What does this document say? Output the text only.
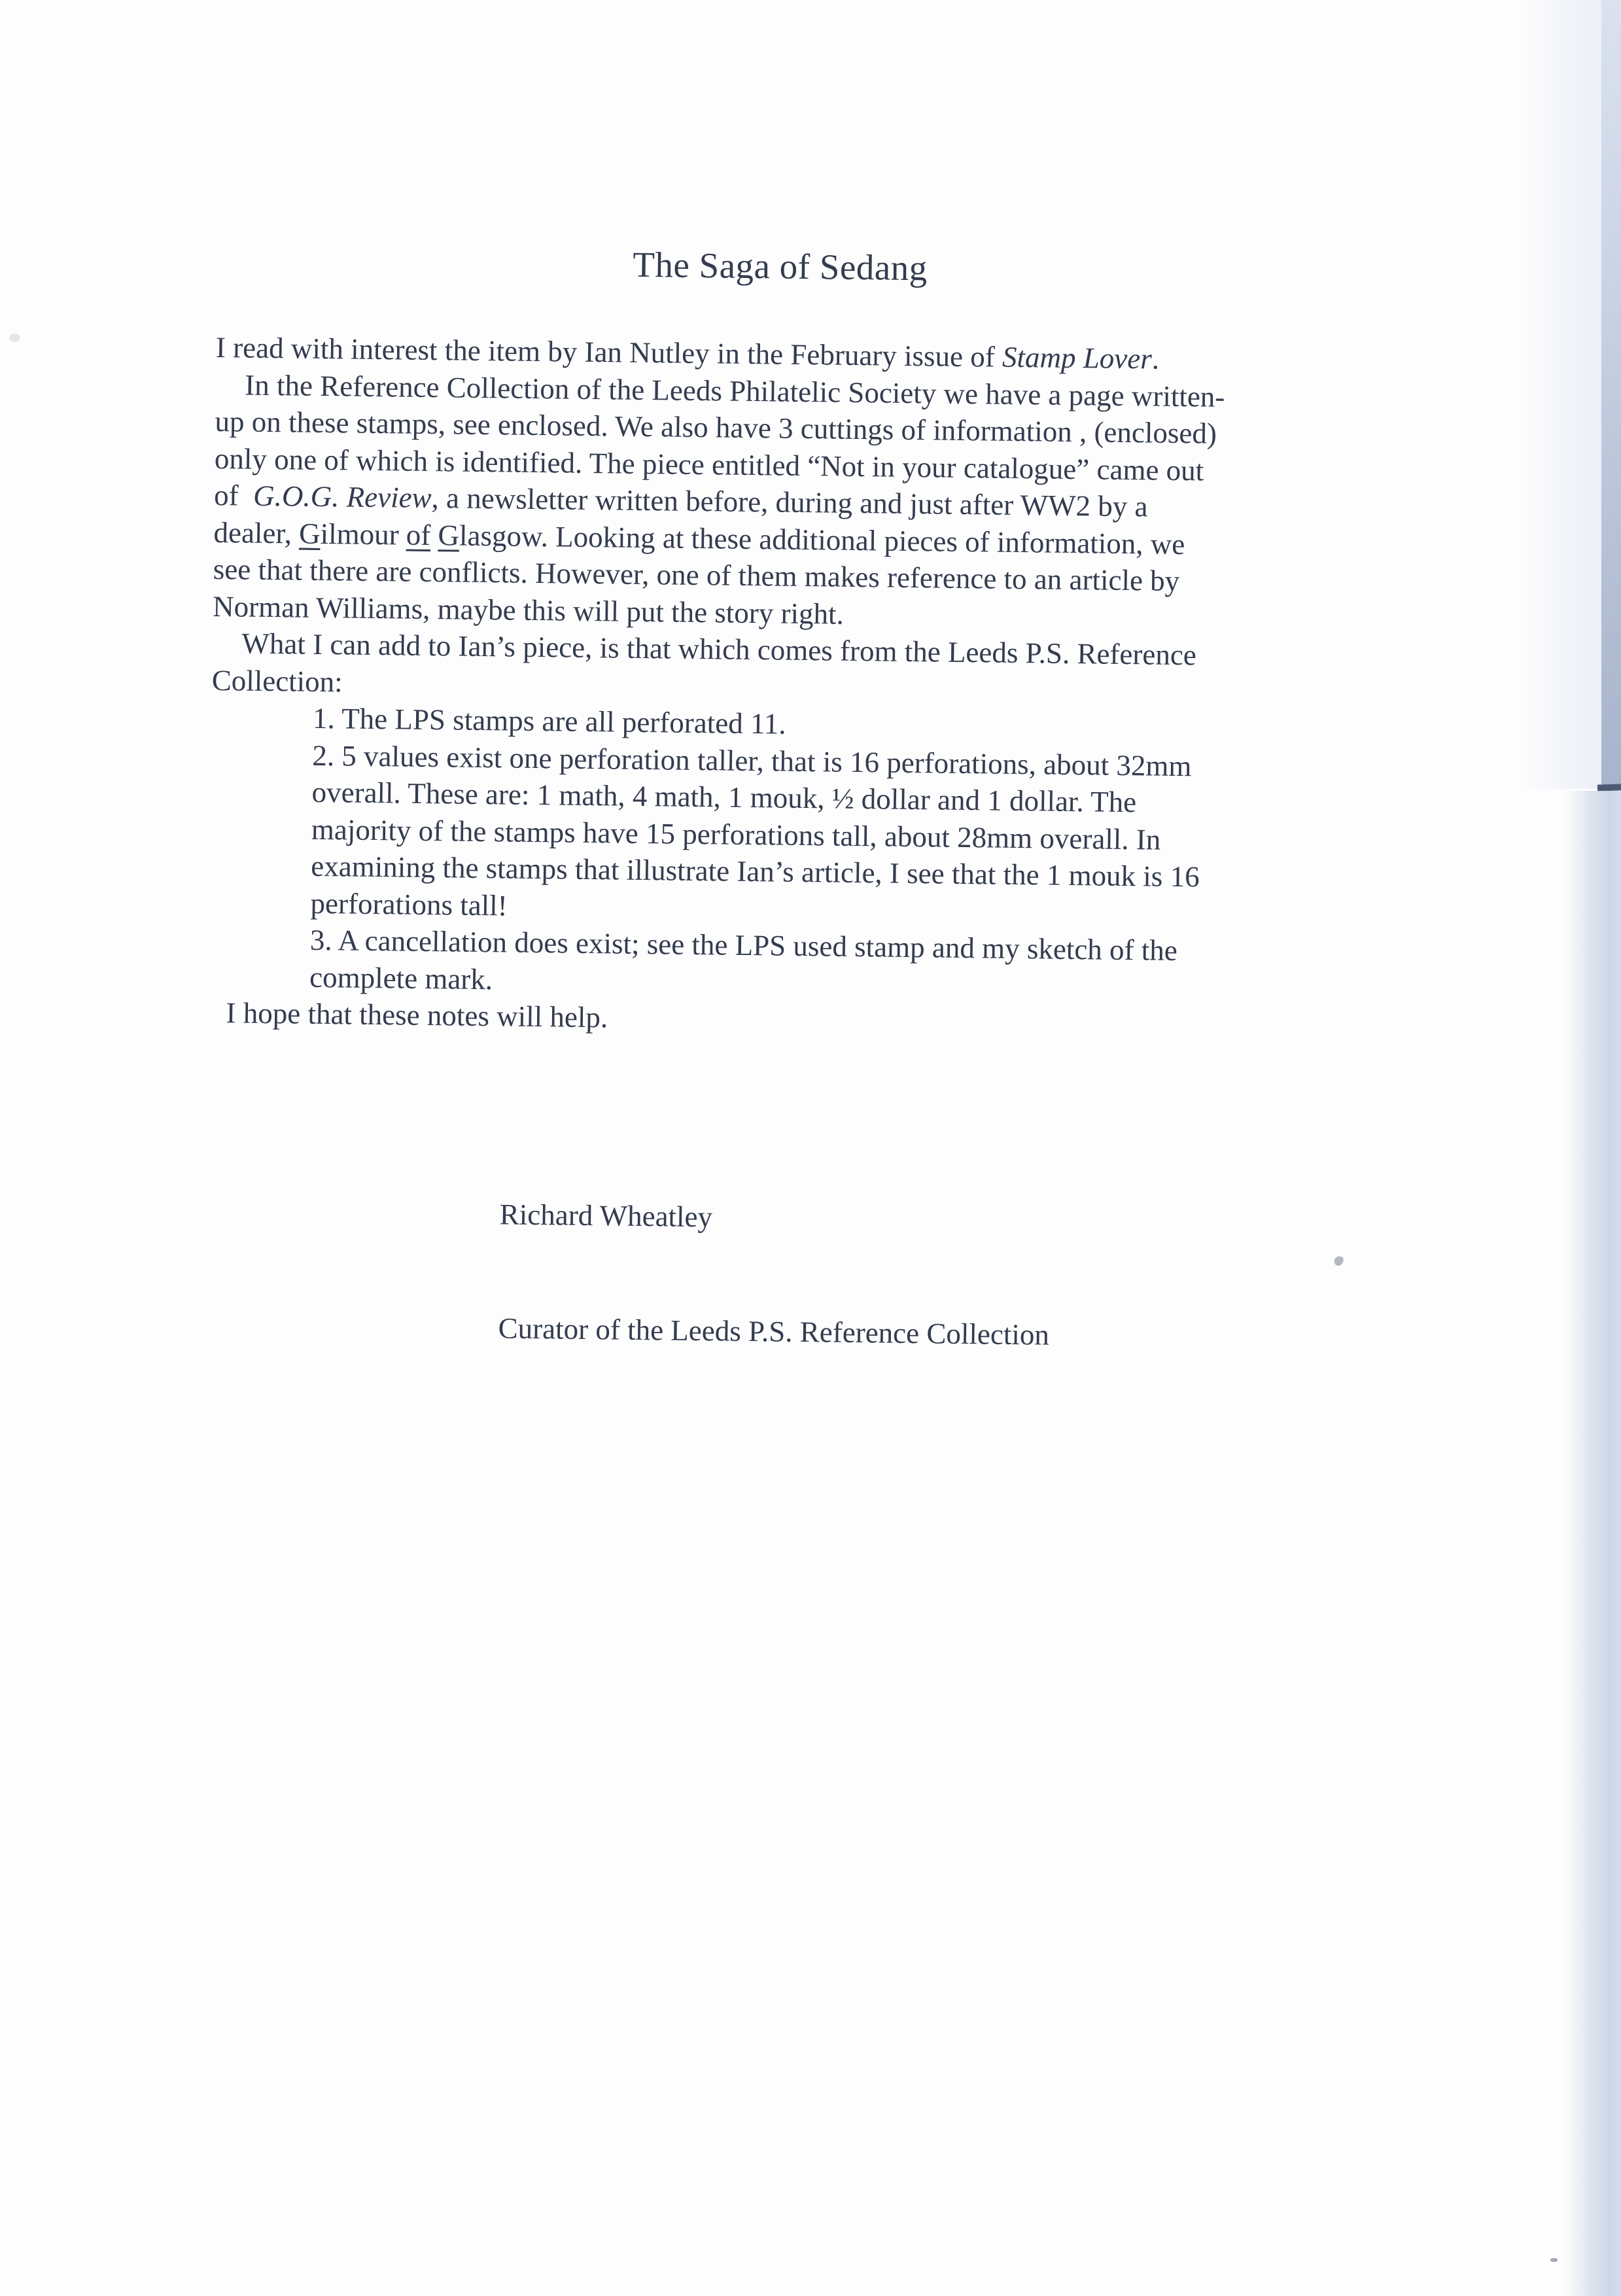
The Saga of Sedang
I read with interest the item by Ian Nutley in the February issue of Stamp Lover.
In the Reference Collection of the Leeds Philatelic Society we have a page written-
up on these stamps, see enclosed. We also have 3 cuttings of information , (enclosed)
only one of which is identified. The piece entitled “Not in your catalogue” came out
of  G.O.G. Review, a newsletter written before, during and just after WW2 by a
dealer, Gilmour of Glasgow. Looking at these additional pieces of information, we
see that there are conflicts. However, one of them makes reference to an article by
Norman Williams, maybe this will put the story right.
What I can add to Ian’s piece, is that which comes from the Leeds P.S. Reference
Collection:
1. The LPS stamps are all perforated 11.
2. 5 values exist one perforation taller, that is 16 perforations, about 32mm
overall. These are: 1 math, 4 math, 1 mouk, ½ dollar and 1 dollar. The
majority of the stamps have 15 perforations tall, about 28mm overall. In
examining the stamps that illustrate Ian’s article, I see that the 1 mouk is 16
perforations tall!
3. A cancellation does exist; see the LPS used stamp and my sketch of the
complete mark.
I hope that these notes will help.

Richard Wheatley

Curator of the Leeds P.S. Reference Collection
